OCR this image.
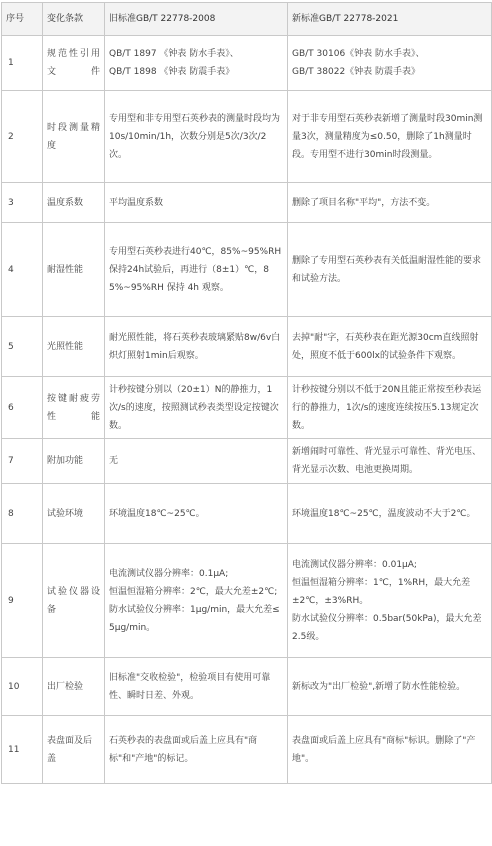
序号	变化条款	旧标准GB/T 22778-2008	新标准GB/T 22778-2021
1	规范性引用文件	QB/T 1897 《钟表 防水手表》、
QB/T 1898 《钟表 防震手表》	GB/T 30106《钟表 防水手表》、
GB/T 38022《钟表 防震手表》
2	时段测量精度	专用型和非专用型石英秒表的测量时段均为10s/10min/1h，次数分别是5次/3次/2次。	对于非专用型石英秒表新增了测量时段30min测量3次，测量精度为≤0.50，删除了1h测量时段。专用型不进行30min时段测量。
3	温度系数	平均温度系数	删除了项目名称"平均"，方法不变。
4	耐湿性能	专用型石英秒表进行40℃，85%~95%RH保持24h试验后，再进行（8±1）℃，85%~95%RH 保持 4h 观察。	删除了专用型石英秒表有关低温耐湿性能的要求和试验方法。
5	光照性能	耐光照性能，将石英秒表玻璃紧贴8w/6v白炽灯照射1min后观察。	去掉"耐"字，石英秒表在距光源30cm直线照射处，照度不低于600lx的试验条件下观察。
6	按键耐疲劳性能	计秒按键分别以（20±1）N的静推力，1次/s的速度，按照测试秒表类型设定按键次数。	计秒按键分别以不低于20N且能正常按至秒表运行的静推力，1次/s的速度连续按压5.13规定次数。
7	附加功能	无	新增闹时可靠性、背光显示可靠性、背光电压、背光显示次数、电池更换周期。
8	试验环境	环境温度18℃~25℃。	环境温度18℃~25℃，温度波动不大于2℃。
9	试验仪器设备	电流测试仪器分辨率：0.1μA;
恒温恒湿箱分辨率：2℃，最大允差±2℃;
防水试验仪分辨率：1μg/min，最大允差≤5μg/min。	电流测试仪器分辨率：0.01μA;
恒温恒湿箱分辨率：1℃，1%RH，最大允差±2℃，±3%RH。
防水试验仪分辨率：0.5bar(50kPa)，最大允差2.5级。
10	出厂检验	旧标准"交收检验"，检验项目有使用可靠性、瞬时日差、外观。	新标改为"出厂检验",新增了防水性能检验。
11	表盘面及后盖	石英秒表的表盘面或后盖上应具有"商标"和"产地"的标记。	表盘面或后盖上应具有"商标"标识。删除了"产地"。
